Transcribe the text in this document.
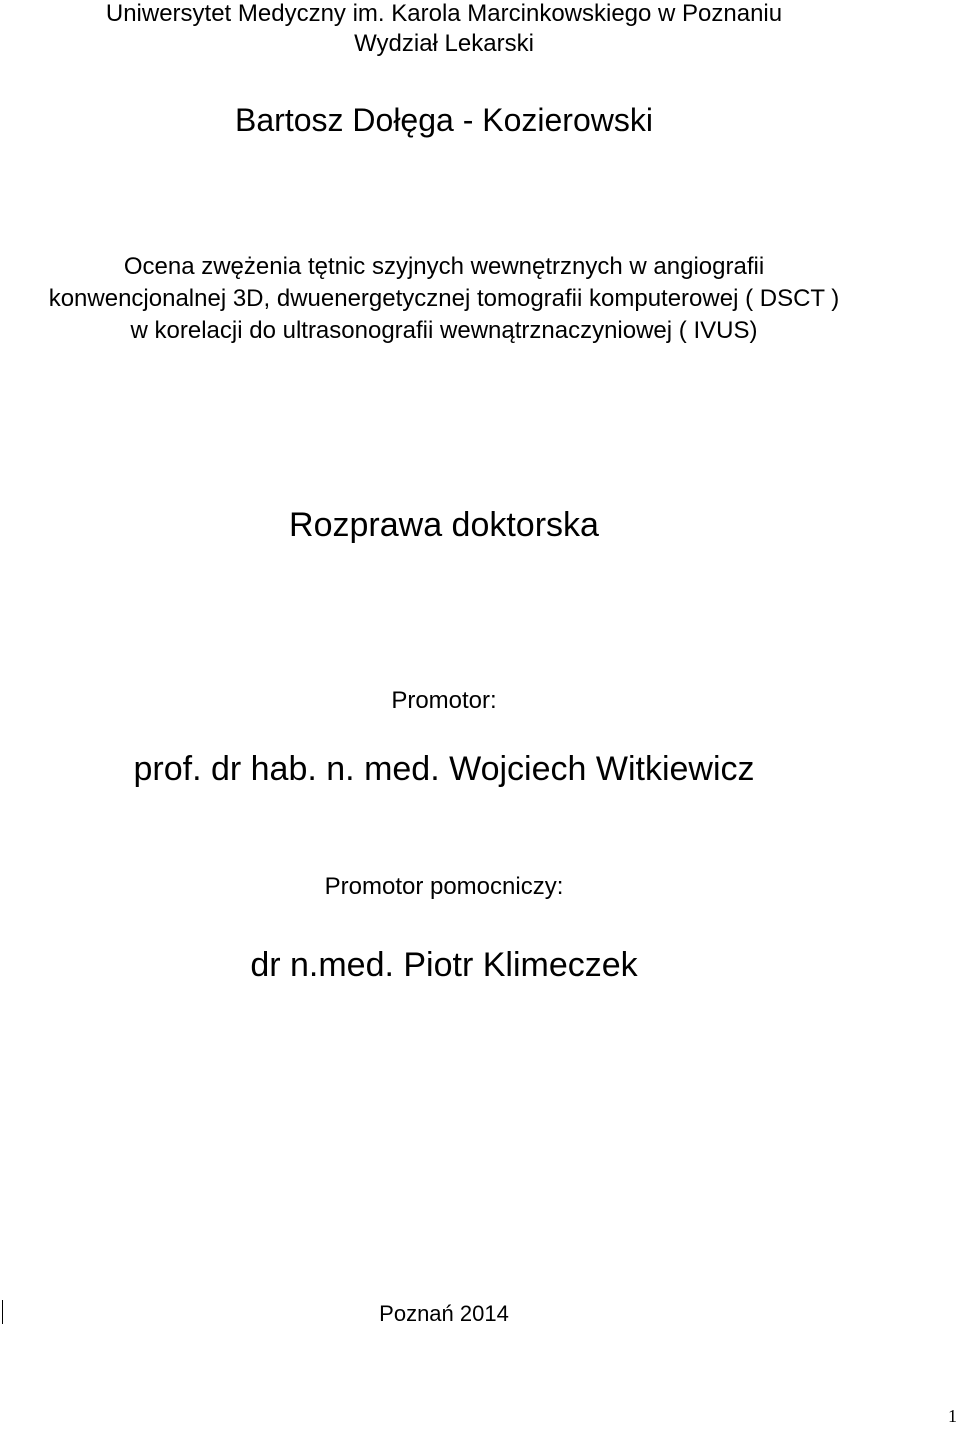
Uniwersytet Medyczny im. Karola Marcinkowskiego w Poznaniu

Wydział Lekarski

Bartosz Dołęga - Kozierowski

Ocena zwężenia tętnic szyjnych wewnętrznych w angiografii

konwencjonalnej 3D, dwuenergetycznej tomografii komputerowej ( DSCT )

w korelacji do ultrasonografii wewnątrznaczyniowej ( IVUS)

Rozprawa doktorska

Promotor:

prof. dr hab. n. med. Wojciech Witkiewicz

Promotor pomocniczy:

dr n.med. Piotr Klimeczek

Poznań 2014

1
